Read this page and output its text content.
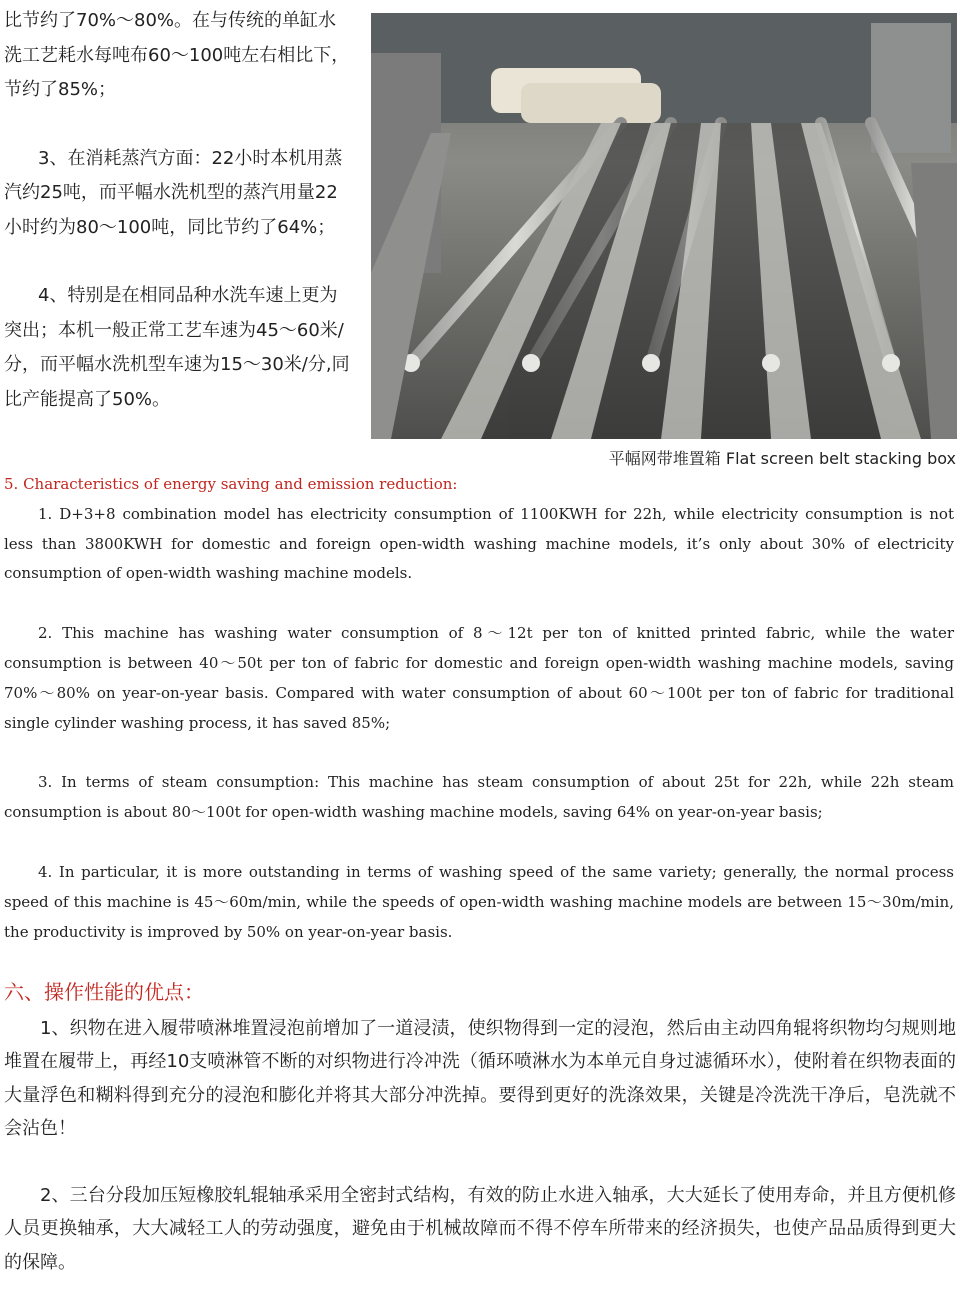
比节约了70%～80%。在与传统的单缸水洗工艺耗水每吨布60～100吨左右相比下，节约了85%；

3、在消耗蒸汽方面：22小时本机用蒸汽约25吨，而平幅水洗机型的蒸汽用量22小时约为80～100吨，同比节约了64%；

4、特别是在相同品种水洗车速上更为突出；本机一般正常工艺车速为45～60米/分，而平幅水洗机型车速为15～30米/分,同比产能提高了50%。

平幅网带堆置箱 Flat screen belt stacking box

5. Characteristics of energy saving and emission reduction:

1. D+3+8 combination model has electricity consumption of 1100KWH for 22h, while electricity consumption is not less than 3800KWH for domestic and foreign open-width washing machine models, it’s only about 30% of electricity consumption of open-width washing machine models.

2. This machine has washing water consumption of 8～12t per ton of knitted printed fabric, while the water consumption is between 40～50t per ton of fabric for domestic and foreign open-width washing machine models, saving 70%～80% on year-on-year basis. Compared with water consumption of about 60～100t per ton of fabric for traditional single cylinder washing process, it has saved 85%;

3. In terms of steam consumption: This machine has steam consumption of about 25t for 22h, while 22h steam consumption is about 80～100t for open-width washing machine models, saving 64% on year-on-year basis;

4. In particular, it is more outstanding in terms of washing speed of the same variety; generally, the normal process speed of this machine is 45～60m/min, while the speeds of open-width washing machine models are between 15～30m/min, the productivity is improved by 50% on year-on-year basis.

六、操作性能的优点：

1、织物在进入履带喷淋堆置浸泡前增加了一道浸渍，使织物得到一定的浸泡，然后由主动四角辊将织物均匀规则地堆置在履带上，再经10支喷淋管不断的对织物进行冷冲洗（循环喷淋水为本单元自身过滤循环水），使附着在织物表面的大量浮色和糊料得到充分的浸泡和膨化并将其大部分冲洗掉。要得到更好的洗涤效果，关键是冷洗洗干净后，皂洗就不会沾色！

2、三台分段加压短橡胶轧辊轴承采用全密封式结构，有效的防止水进入轴承，大大延长了使用寿命，并且方便机修人员更换轴承，大大减轻工人的劳动强度，避免由于机械故障而不得不停车所带来的经济损失，也使产品品质得到更大的保障。
